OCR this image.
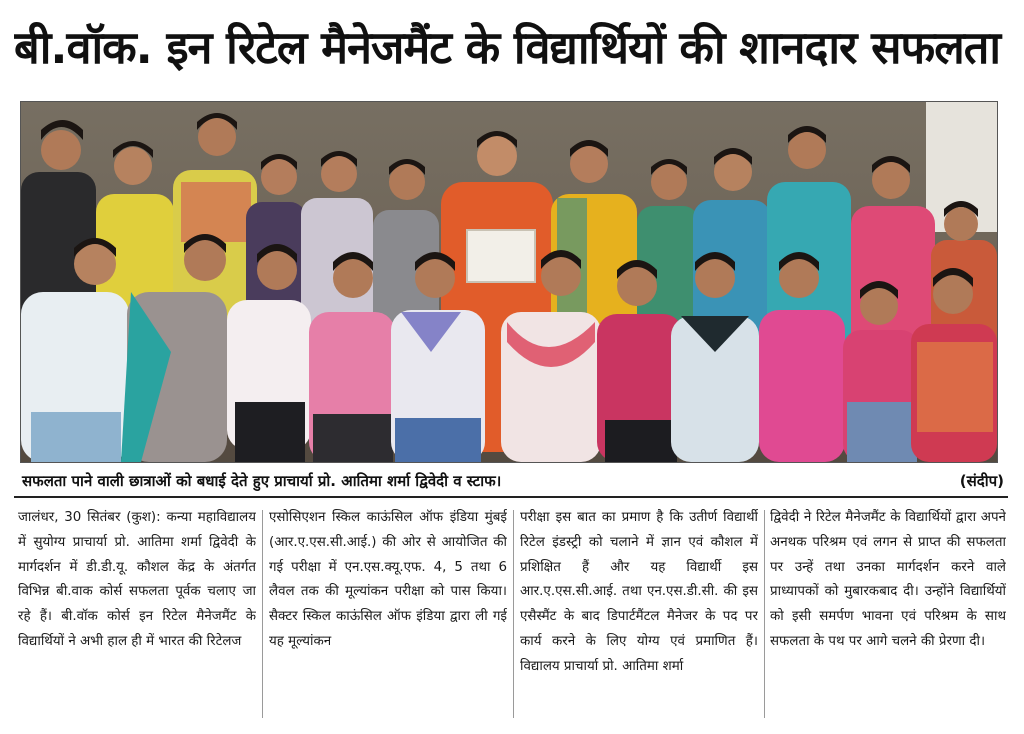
बी.वॉक. इन रिटेल मैनेजमैंट के विद्यार्थियों की शानदार सफलता
सफलता पाने वाली छात्राओं को बधाई देते हुए प्राचार्या प्रो. आतिमा शर्मा द्विवेदी व स्टाफ।	(संदीप)
जालंधर, 30 सितंबर (कुश): कन्या महाविद्यालय में सुयोग्य प्राचार्या प्रो. आतिमा शर्मा द्विवेदी के मार्गदर्शन में डी.डी.यू. कौशल केंद्र के अंतर्गत विभिन्न बी.वाक कोर्स सफलता पूर्वक चलाए जा रहे हैं। बी.वॉक कोर्स इन रिटेल मैनेजमैंट के विद्यार्थियों ने अभी हाल ही में भारत की रिटेलज
एसोसिएशन स्किल काऊंसिल ऑफ इंडिया मुंबई (आर.ए.एस.सी.आई.) की ओर से आयोजित की गई परीक्षा में एन.एस.क्यू.एफ. 4, 5 तथा 6 लैवल तक की मूल्यांकन परीक्षा को पास किया। सैक्टर स्किल काऊंसिल ऑफ इंडिया द्वारा ली गई यह मूल्यांकन
परीक्षा इस बात का प्रमाण है कि उतीर्ण विद्यार्थी रिटेल इंडस्ट्री को चलाने में ज्ञान एवं कौशल में प्रशिक्षित हैं और यह विद्यार्थी इस आर.ए.एस.सी.आई. तथा एन.एस.डी.सी. की इस एसैस्मैंट के बाद डिपार्टमैंटल मैनेजर के पद पर कार्य करने के लिए योग्य एवं प्रमाणित हैं। विद्यालय प्राचार्या प्रो. आतिमा शर्मा
द्विवेदी ने रिटेल मैनेजमैंट के विद्यार्थियों द्वारा अपने अनथक परिश्रम एवं लगन से प्राप्त की सफलता पर उन्हें तथा उनका मार्गदर्शन करने वाले प्राध्यापकों को मुबारकबाद दी। उन्होंने विद्यार्थियों को इसी समर्पण भावना एवं परिश्रम के साथ सफलता के पथ पर आगे चलने की प्रेरणा दी।
